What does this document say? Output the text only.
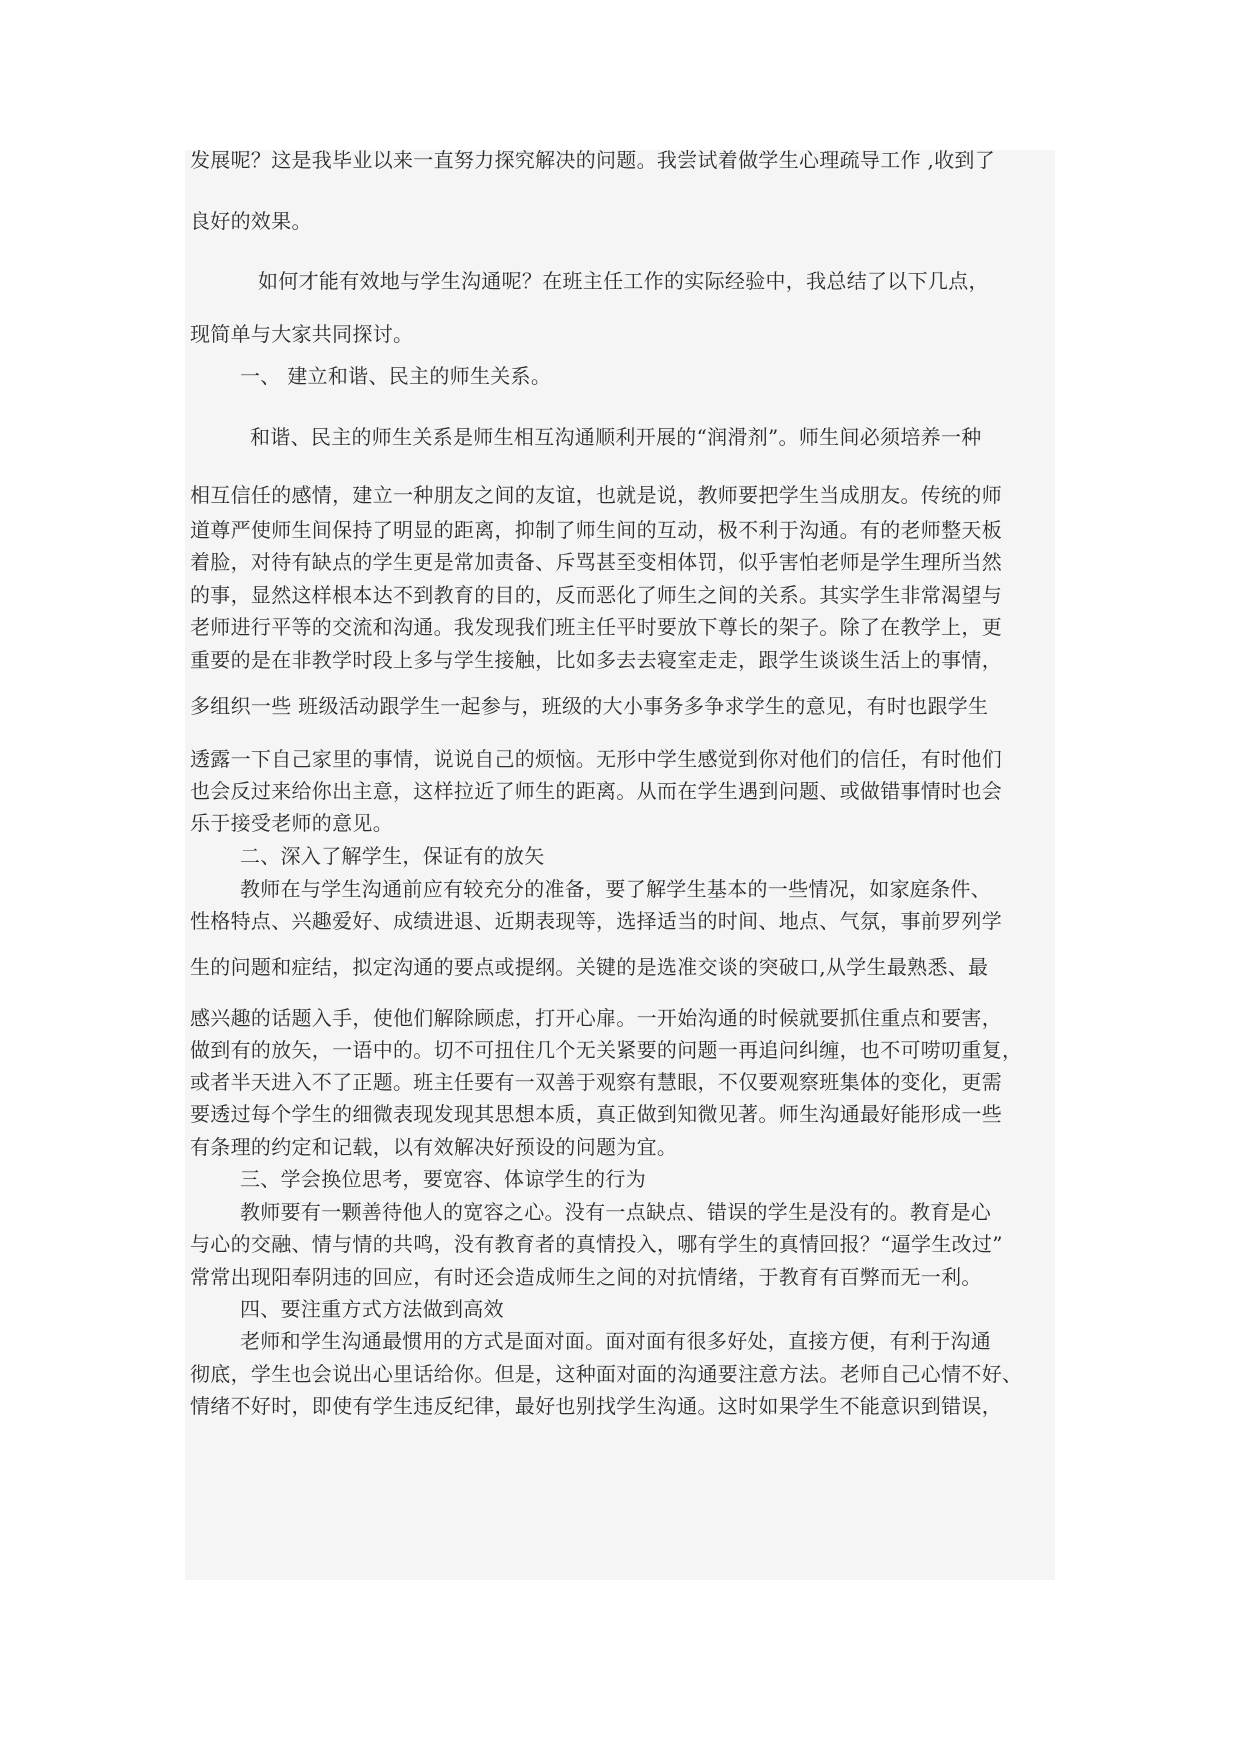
发展呢？这是我毕业以来一直努力探究解决的问题。我尝试着做学生心理疏导工作 ,收到了

良好的效果。

如何才能有效地与学生沟通呢？在班主任工作的实际经验中，我总结了以下几点，

现简单与大家共同探讨。

一、 建立和谐、民主的师生关系。

和谐、民主的师生关系是师生相互沟通顺利开展的“润滑剂”。师生间必须培养一种

相互信任的感情，建立一种朋友之间的友谊，也就是说，教师要把学生当成朋友。传统的师

道尊严使师生间保持了明显的距离，抑制了师生间的互动，极不利于沟通。有的老师整天板

着脸，对待有缺点的学生更是常加责备、斥骂甚至变相体罚，似乎害怕老师是学生理所当然

的事，显然这样根本达不到教育的目的，反而恶化了师生之间的关系。其实学生非常渴望与

老师进行平等的交流和沟通。我发现我们班主任平时要放下尊长的架子。除了在教学上，更

重要的是在非教学时段上多与学生接触，比如多去去寝室走走，跟学生谈谈生活上的事情，

多组织一些 班级活动跟学生一起参与，班级的大小事务多争求学生的意见，有时也跟学生

透露一下自己家里的事情，说说自己的烦恼。无形中学生感觉到你对他们的信任，有时他们

也会反过来给你出主意，这样拉近了师生的距离。从而在学生遇到问题、或做错事情时也会

乐于接受老师的意见。

二、深入了解学生，保证有的放矢

教师在与学生沟通前应有较充分的准备，要了解学生基本的一些情况，如家庭条件、

性格特点、兴趣爱好、成绩进退、近期表现等，选择适当的时间、地点、气氛，事前罗列学

生的问题和症结，拟定沟通的要点或提纲。关键的是选准交谈的突破口,从学生最熟悉、最

感兴趣的话题入手，使他们解除顾虑，打开心扉。一开始沟通的时候就要抓住重点和要害，

做到有的放矢，一语中的。切不可扭住几个无关紧要的问题一再追问纠缠，也不可唠叨重复，

或者半天进入不了正题。班主任要有一双善于观察有慧眼，不仅要观察班集体的变化，更需

要透过每个学生的细微表现发现其思想本质，真正做到知微见著。师生沟通最好能形成一些

有条理的约定和记载，以有效解决好预设的问题为宜。

三、学会换位思考，要宽容、体谅学生的行为

教师要有一颗善待他人的宽容之心。没有一点缺点、错误的学生是没有的。教育是心

与心的交融、情与情的共鸣，没有教育者的真情投入，哪有学生的真情回报？“逼学生改过”

常常出现阳奉阴违的回应，有时还会造成师生之间的对抗情绪，于教育有百弊而无一利。

四、要注重方式方法做到高效

老师和学生沟通最惯用的方式是面对面。面对面有很多好处，直接方便，有利于沟通

彻底，学生也会说出心里话给你。但是，这种面对面的沟通要注意方法。老师自己心情不好、

情绪不好时，即使有学生违反纪律，最好也别找学生沟通。这时如果学生不能意识到错误，
